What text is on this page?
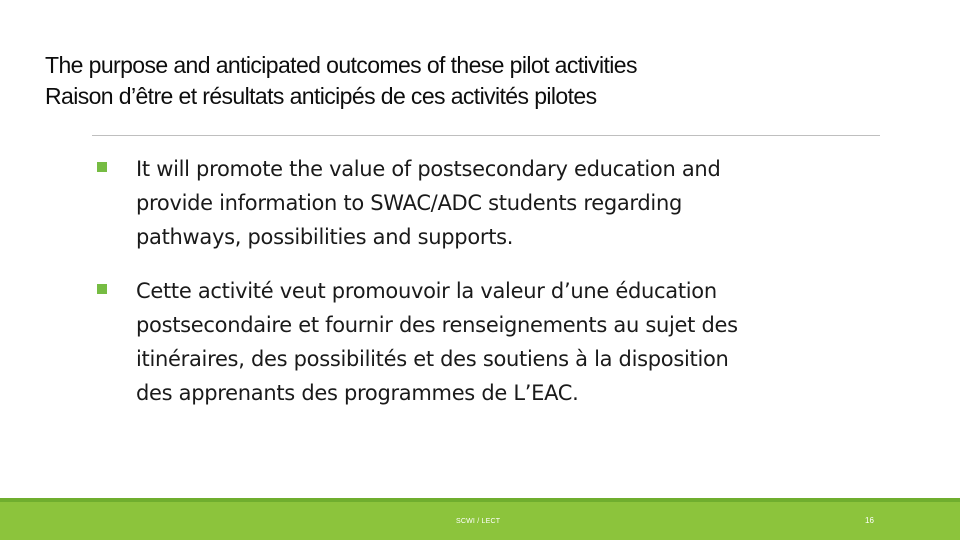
The purpose and anticipated outcomes of these pilot activities
Raison d’être et résultats anticipés de ces activités pilotes
It will promote the value of postsecondary education and
provide information to SWAC/ADC students regarding
pathways, possibilities and supports.
Cette activité veut promouvoir la valeur d’une éducation
postsecondaire et fournir des renseignements au sujet des
itinéraires, des possibilités et des soutiens à la disposition
des apprenants des programmes de L’EAC.
SCWI / LECT	16
